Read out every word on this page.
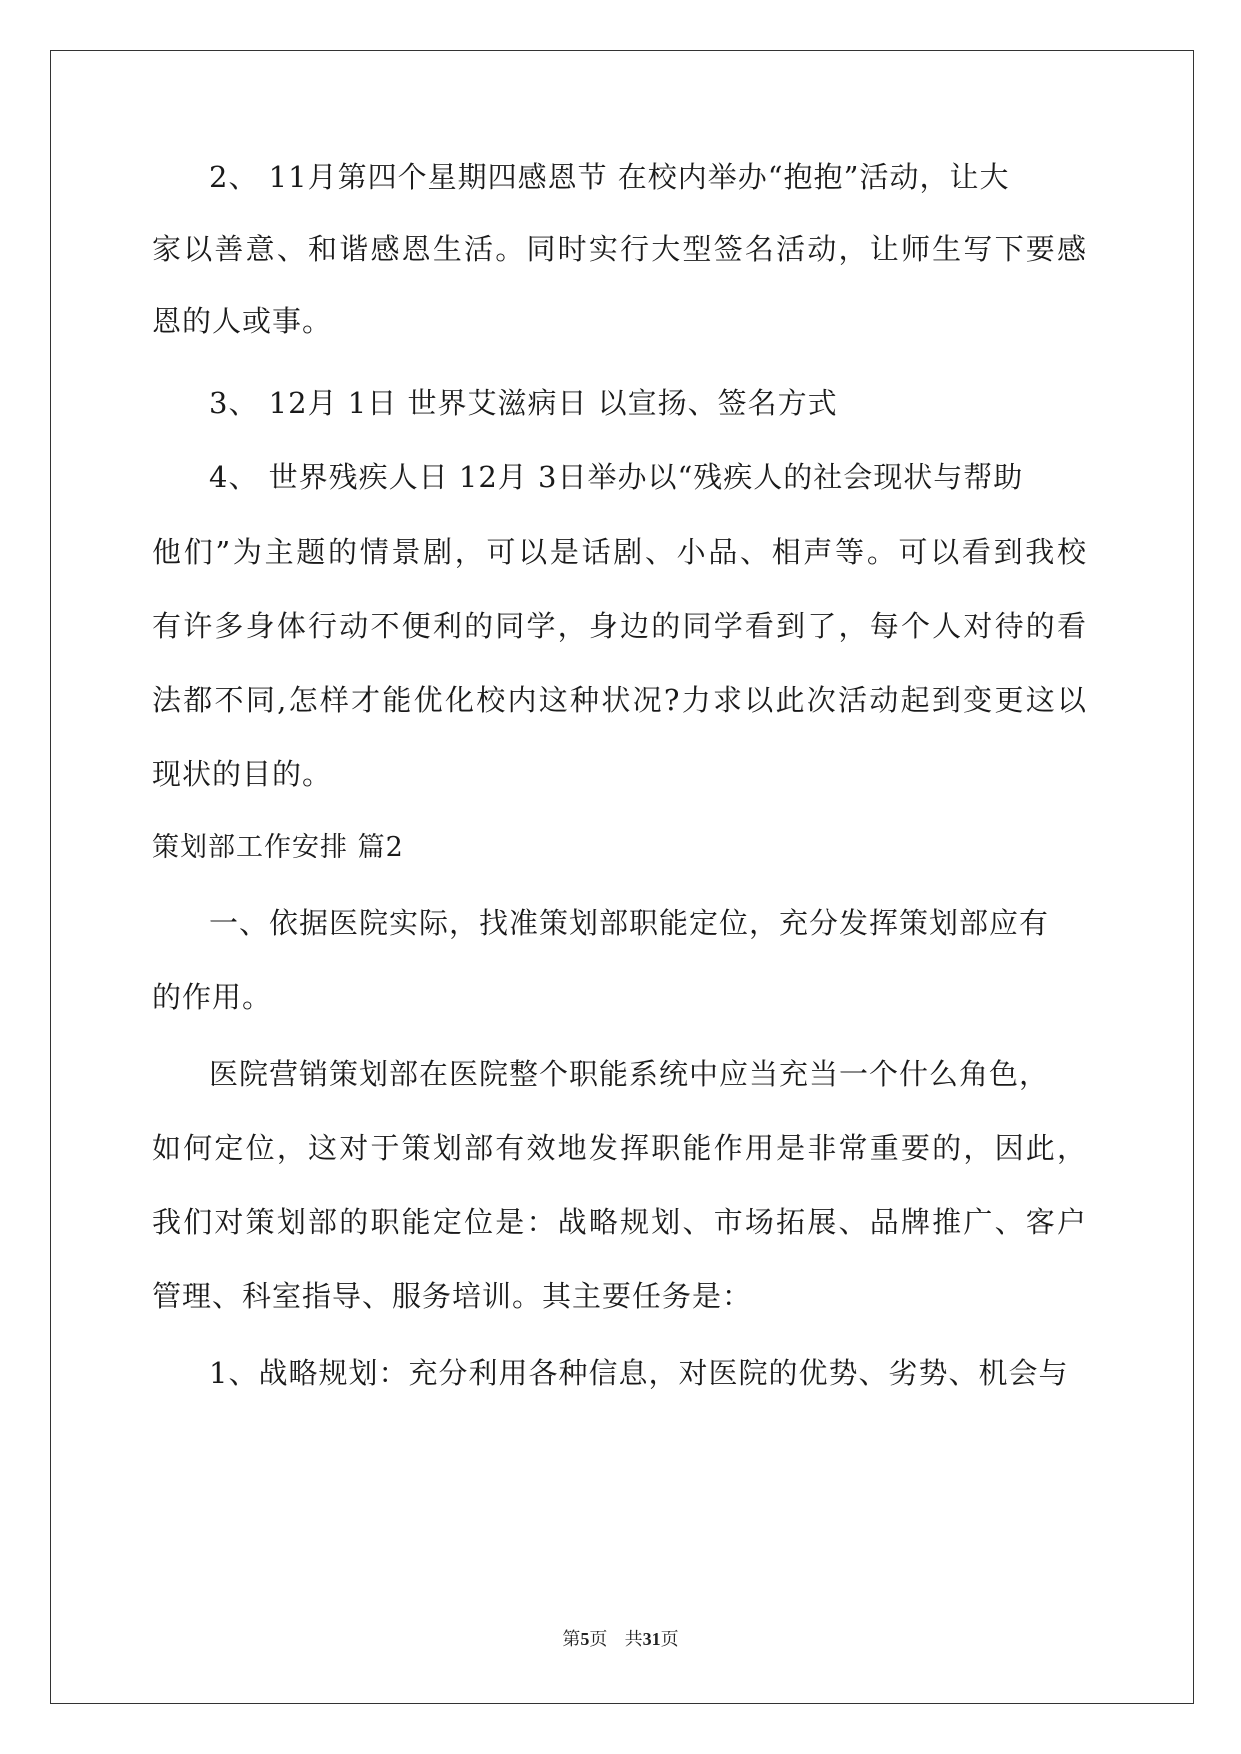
2、 11月第四个星期四感恩节 在校内举办“抱抱”活动，让大
家以善意、和谐感恩生活。同时实行大型签名活动，让师生写下要感
恩的人或事。
3、 12月 1日 世界艾滋病日 以宣扬、签名方式
4、 世界残疾人日 12月 3日举办以“残疾人的社会现状与帮助
他们”为主题的情景剧，可以是话剧、小品、相声等。可以看到我校
有许多身体行动不便利的同学，身边的同学看到了，每个人对待的看
法都不同,怎样才能优化校内这种状况?力求以此次活动起到变更这以
现状的目的。
策划部工作安排 篇2
一、依据医院实际，找准策划部职能定位，充分发挥策划部应有
的作用。
医院营销策划部在医院整个职能系统中应当充当一个什么角色，
如何定位，这对于策划部有效地发挥职能作用是非常重要的，因此，
我们对策划部的职能定位是：战略规划、市场拓展、品牌推广、客户
管理、科室指导、服务培训。其主要任务是：
1、战略规划：充分利用各种信息，对医院的优势、劣势、机会与
第5页 共31页
